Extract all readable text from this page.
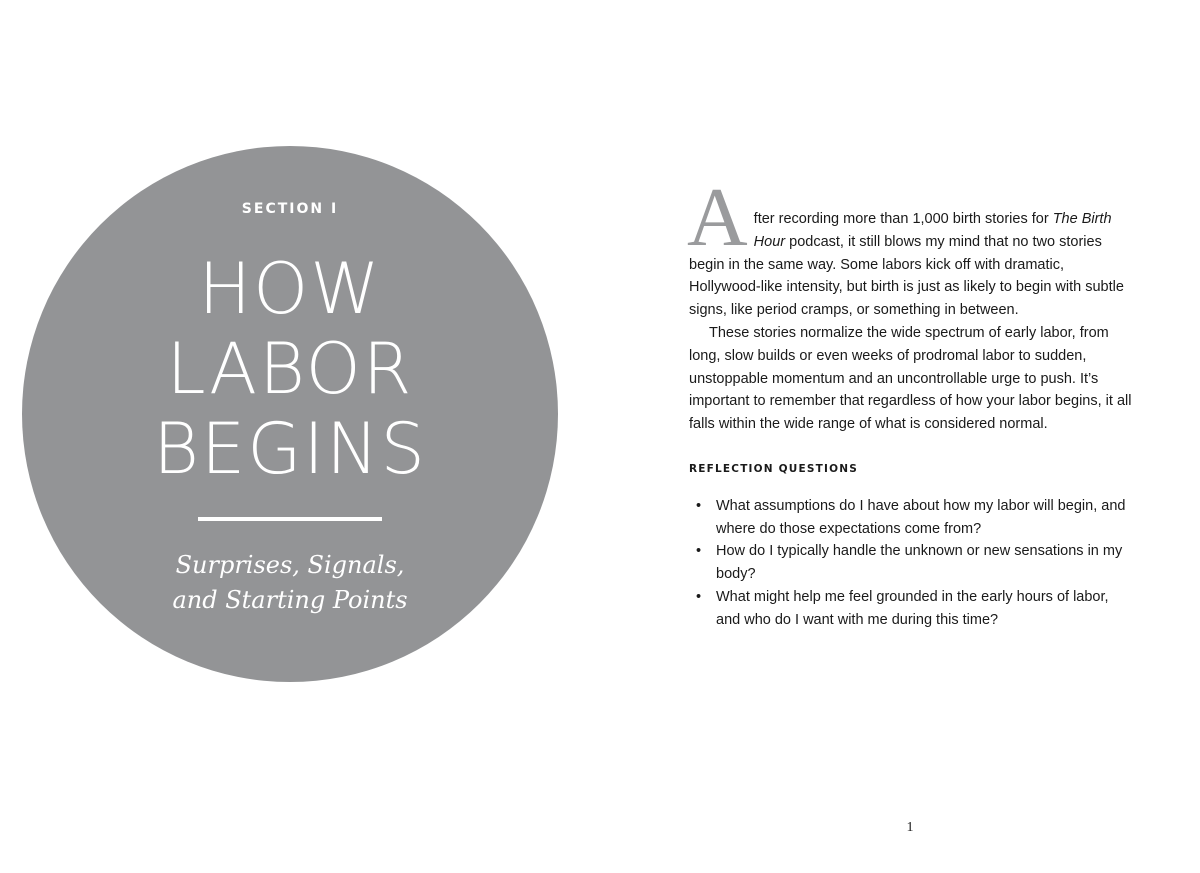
SECTION I
HOW
LABOR
BEGINS
Surprises, Signals,
and Starting Points

A fter recording more than 1,000 birth stories for The Birth Hour podcast, it still blows my mind that no two stories begin in the same way. Some labors kick off with dramatic, Hollywood-like intensity, but birth is just as likely to begin with subtle signs, like period cramps, or something in between.

These stories normalize the wide spectrum of early labor, from long, slow builds or even weeks of prodromal labor to sudden, unstoppable momentum and an uncontrollable urge to push. It’s important to remember that regardless of how your labor begins, it all falls within the wide range of what is considered normal.

REFLECTION QUESTIONS
• What assumptions do I have about how my labor will begin, and where do those expectations come from?
• How do I typically handle the unknown or new sensations in my body?
• What might help me feel grounded in the early hours of labor, and who do I want with me during this time?
1
